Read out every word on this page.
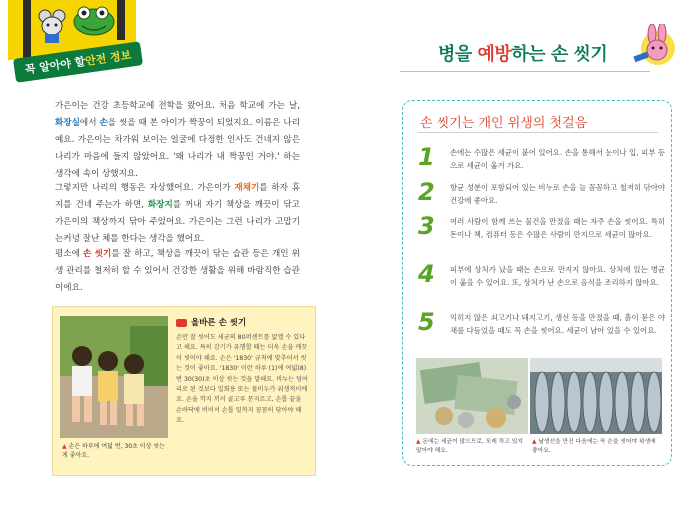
꼭 알아야 할
안전 정보	병을 예방하는 손 씻기
가은이는 건강 초등학교에 전학을 왔어요. 처음 학교에 가는 날, 화장실에서 손을 씻을 때 본 아이가 짝꿍이 되었지요. 이름은 나리예요. 가은이는 차가워 보이는 얼굴에 다정한 인사도 건네지 않은 나리가 마음에 들지 않았어요. '왜 나리가 내 짝꿍인 거야.' 하는 생각에 속이 상했지요.
그렇지만 나리의 행동은 자상했어요. 가은이가 재채기를 하자 휴지를 건네 주는가 하면, 화장지를 꺼내 자기 책상을 깨끗이 닦고 가은이의 책상까지 닦아 주었어요. 가은이는 그런 나리가 고맙기는커녕 잘난 체를 한다는 생각을 했어요.
평소에 손 씻기를 잘 하고, 책상을 깨끗이 닦는 습관 등은 개인 위생 관리를 철저히 할 수 있어서 건강한 생활을 위해 바람직한 습관이에요.
▲ 손은 하루에 여덟 번, 30초 이상 씻는 게 좋아요.
올바른 손 씻기
손만 잘 씻어도 세균의 80퍼센트를 없앨 수 있다고 해요. 특히 감기가 유행할 때는 더욱 손을 깨끗이 씻어야 해요. 손은 '1830' 규칙에 맞추어서 씻는 것이 좋아요. '1830' 이란 하루 (1)에 여덟(8) 번 30(30)초 이상 씻는 것을 말해요. 비누는 덩어리로 된 것보다 일회용 또는 물비누가 위생적이에요. 손을 깍지 끼서 골고루 문지르고, 손톱 끝을 손바닥에 비비서 손톱 밑까지 꼼꼼히 닦아야 해요.
손 씻기는 개인 위생의 첫걸음
1 손에는 수많은 세균이 붙어 있어요. 손을 통해서 눈이나 입, 피부 등으로 세균이 옮겨 가요.
2 항균 성분이 포함되어 있는 비누로 손을 늘 꼼꼼하고 철저히 닦아야 건강에 좋아요.
3 여러 사람이 함께 쓰는 물건을 만졌을 때는 자주 손을 씻어요. 특히 돈이나 책, 컴퓨터 등은 수많은 사람이 만지므로 세균이 많아요.
4 피부에 상처가 났을 때는 손으로 만지지 않아요. 상처에 있는 병균이 옮을 수 있어요. 또, 상처가 난 손으로 음식을 조리하지 않아요.
5 익히지 않은 쇠고기나 돼지고기, 생선 등을 만졌을 때, 흙이 묻은 야채를 다듬었을 때도 꼭 손을 씻어요. 세균이 남아 있을 수 있어요.
▲ 돈에는 세균이 많으므로, 모래 하고 있지 말아야 해요.
▲ 날생선을 만진 다음에는 꼭 손을 씻어야 위생에 좋아요.
